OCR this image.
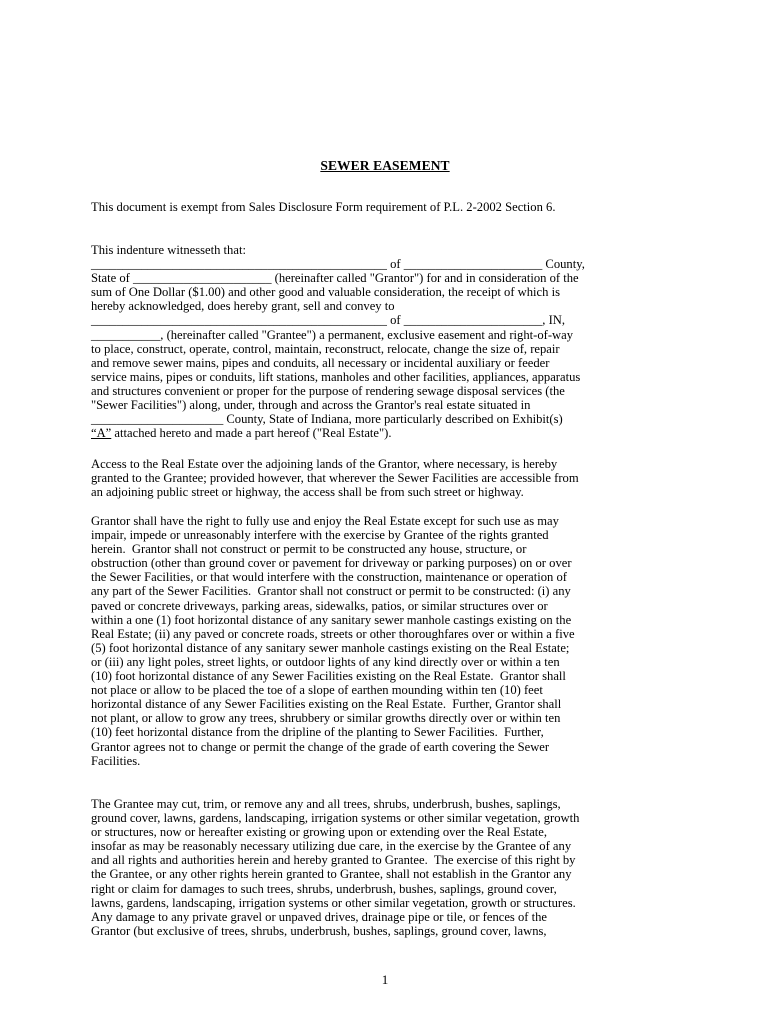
SEWER EASEMENT
This document is exempt from Sales Disclosure Form requirement of P.L. 2-2002 Section 6.
This indenture witnesseth that:
_______________________________________________ of ______________________ County,
State of ______________________ (hereinafter called "Grantor") for and in consideration of the
sum of One Dollar ($1.00) and other good and valuable consideration, the receipt of which is
hereby acknowledged, does hereby grant, sell and convey to
_______________________________________________ of ______________________, IN,
___________, (hereinafter called "Grantee") a permanent, exclusive easement and right-of-way
to place, construct, operate, control, maintain, reconstruct, relocate, change the size of, repair
and remove sewer mains, pipes and conduits, all necessary or incidental auxiliary or feeder
service mains, pipes or conduits, lift stations, manholes and other facilities, appliances, apparatus
and structures convenient or proper for the purpose of rendering sewage disposal services (the
"Sewer Facilities") along, under, through and across the Grantor's real estate situated in
_____________________ County, State of Indiana, more particularly described on Exhibit(s)
“A” attached hereto and made a part hereof ("Real Estate").
Access to the Real Estate over the adjoining lands of the Grantor, where necessary, is hereby
granted to the Grantee; provided however, that wherever the Sewer Facilities are accessible from
an adjoining public street or highway, the access shall be from such street or highway.
Grantor shall have the right to fully use and enjoy the Real Estate except for such use as may
impair, impede or unreasonably interfere with the exercise by Grantee of the rights granted
herein.  Grantor shall not construct or permit to be constructed any house, structure, or
obstruction (other than ground cover or pavement for driveway or parking purposes) on or over
the Sewer Facilities, or that would interfere with the construction, maintenance or operation of
any part of the Sewer Facilities.  Grantor shall not construct or permit to be constructed: (i) any
paved or concrete driveways, parking areas, sidewalks, patios, or similar structures over or
within a one (1) foot horizontal distance of any sanitary sewer manhole castings existing on the
Real Estate; (ii) any paved or concrete roads, streets or other thoroughfares over or within a five
(5) foot horizontal distance of any sanitary sewer manhole castings existing on the Real Estate;
or (iii) any light poles, street lights, or outdoor lights of any kind directly over or within a ten
(10) foot horizontal distance of any Sewer Facilities existing on the Real Estate.  Grantor shall
not place or allow to be placed the toe of a slope of earthen mounding within ten (10) feet
horizontal distance of any Sewer Facilities existing on the Real Estate.  Further, Grantor shall
not plant, or allow to grow any trees, shrubbery or similar growths directly over or within ten
(10) feet horizontal distance from the dripline of the planting to Sewer Facilities.  Further,
Grantor agrees not to change or permit the change of the grade of earth covering the Sewer
Facilities.
The Grantee may cut, trim, or remove any and all trees, shrubs, underbrush, bushes, saplings,
ground cover, lawns, gardens, landscaping, irrigation systems or other similar vegetation, growth
or structures, now or hereafter existing or growing upon or extending over the Real Estate,
insofar as may be reasonably necessary utilizing due care, in the exercise by the Grantee of any
and all rights and authorities herein and hereby granted to Grantee.  The exercise of this right by
the Grantee, or any other rights herein granted to Grantee, shall not establish in the Grantor any
right or claim for damages to such trees, shrubs, underbrush, bushes, saplings, ground cover,
lawns, gardens, landscaping, irrigation systems or other similar vegetation, growth or structures.
Any damage to any private gravel or unpaved drives, drainage pipe or tile, or fences of the
Grantor (but exclusive of trees, shrubs, underbrush, bushes, saplings, ground cover, lawns,
1
